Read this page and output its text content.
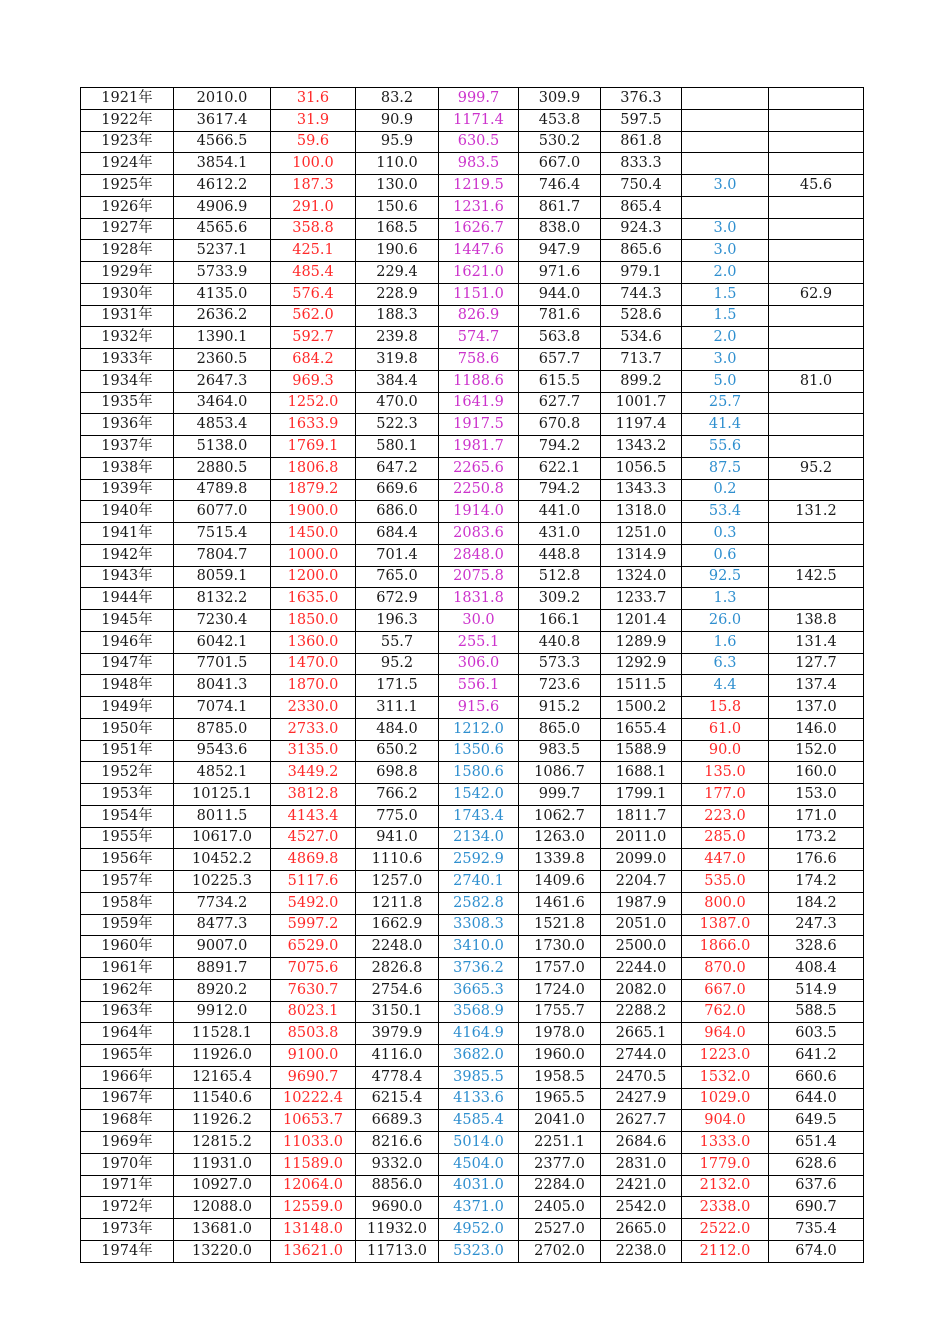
1921年	2010.0	31.6	83.2	999.7	309.9	376.3		
1922年	3617.4	31.9	90.9	1171.4	453.8	597.5		
1923年	4566.5	59.6	95.9	630.5	530.2	861.8		
1924年	3854.1	100.0	110.0	983.5	667.0	833.3		
1925年	4612.2	187.3	130.0	1219.5	746.4	750.4	3.0	45.6
1926年	4906.9	291.0	150.6	1231.6	861.7	865.4		
1927年	4565.6	358.8	168.5	1626.7	838.0	924.3	3.0	
1928年	5237.1	425.1	190.6	1447.6	947.9	865.6	3.0	
1929年	5733.9	485.4	229.4	1621.0	971.6	979.1	2.0	
1930年	4135.0	576.4	228.9	1151.0	944.0	744.3	1.5	62.9
1931年	2636.2	562.0	188.3	826.9	781.6	528.6	1.5	
1932年	1390.1	592.7	239.8	574.7	563.8	534.6	2.0	
1933年	2360.5	684.2	319.8	758.6	657.7	713.7	3.0	
1934年	2647.3	969.3	384.4	1188.6	615.5	899.2	5.0	81.0
1935年	3464.0	1252.0	470.0	1641.9	627.7	1001.7	25.7	
1936年	4853.4	1633.9	522.3	1917.5	670.8	1197.4	41.4	
1937年	5138.0	1769.1	580.1	1981.7	794.2	1343.2	55.6	
1938年	2880.5	1806.8	647.2	2265.6	622.1	1056.5	87.5	95.2
1939年	4789.8	1879.2	669.6	2250.8	794.2	1343.3	0.2	
1940年	6077.0	1900.0	686.0	1914.0	441.0	1318.0	53.4	131.2
1941年	7515.4	1450.0	684.4	2083.6	431.0	1251.0	0.3	
1942年	7804.7	1000.0	701.4	2848.0	448.8	1314.9	0.6	
1943年	8059.1	1200.0	765.0	2075.8	512.8	1324.0	92.5	142.5
1944年	8132.2	1635.0	672.9	1831.8	309.2	1233.7	1.3	
1945年	7230.4	1850.0	196.3	30.0	166.1	1201.4	26.0	138.8
1946年	6042.1	1360.0	55.7	255.1	440.8	1289.9	1.6	131.4
1947年	7701.5	1470.0	95.2	306.0	573.3	1292.9	6.3	127.7
1948年	8041.3	1870.0	171.5	556.1	723.6	1511.5	4.4	137.4
1949年	7074.1	2330.0	311.1	915.6	915.2	1500.2	15.8	137.0
1950年	8785.0	2733.0	484.0	1212.0	865.0	1655.4	61.0	146.0
1951年	9543.6	3135.0	650.2	1350.6	983.5	1588.9	90.0	152.0
1952年	4852.1	3449.2	698.8	1580.6	1086.7	1688.1	135.0	160.0
1953年	10125.1	3812.8	766.2	1542.0	999.7	1799.1	177.0	153.0
1954年	8011.5	4143.4	775.0	1743.4	1062.7	1811.7	223.0	171.0
1955年	10617.0	4527.0	941.0	2134.0	1263.0	2011.0	285.0	173.2
1956年	10452.2	4869.8	1110.6	2592.9	1339.8	2099.0	447.0	176.6
1957年	10225.3	5117.6	1257.0	2740.1	1409.6	2204.7	535.0	174.2
1958年	7734.2	5492.0	1211.8	2582.8	1461.6	1987.9	800.0	184.2
1959年	8477.3	5997.2	1662.9	3308.3	1521.8	2051.0	1387.0	247.3
1960年	9007.0	6529.0	2248.0	3410.0	1730.0	2500.0	1866.0	328.6
1961年	8891.7	7075.6	2826.8	3736.2	1757.0	2244.0	870.0	408.4
1962年	8920.2	7630.7	2754.6	3665.3	1724.0	2082.0	667.0	514.9
1963年	9912.0	8023.1	3150.1	3568.9	1755.7	2288.2	762.0	588.5
1964年	11528.1	8503.8	3979.9	4164.9	1978.0	2665.1	964.0	603.5
1965年	11926.0	9100.0	4116.0	3682.0	1960.0	2744.0	1223.0	641.2
1966年	12165.4	9690.7	4778.4	3985.5	1958.5	2470.5	1532.0	660.6
1967年	11540.6	10222.4	6215.4	4133.6	1965.5	2427.9	1029.0	644.0
1968年	11926.2	10653.7	6689.3	4585.4	2041.0	2627.7	904.0	649.5
1969年	12815.2	11033.0	8216.6	5014.0	2251.1	2684.6	1333.0	651.4
1970年	11931.0	11589.0	9332.0	4504.0	2377.0	2831.0	1779.0	628.6
1971年	10927.0	12064.0	8856.0	4031.0	2284.0	2421.0	2132.0	637.6
1972年	12088.0	12559.0	9690.0	4371.0	2405.0	2542.0	2338.0	690.7
1973年	13681.0	13148.0	11932.0	4952.0	2527.0	2665.0	2522.0	735.4
1974年	13220.0	13621.0	11713.0	5323.0	2702.0	2238.0	2112.0	674.0
